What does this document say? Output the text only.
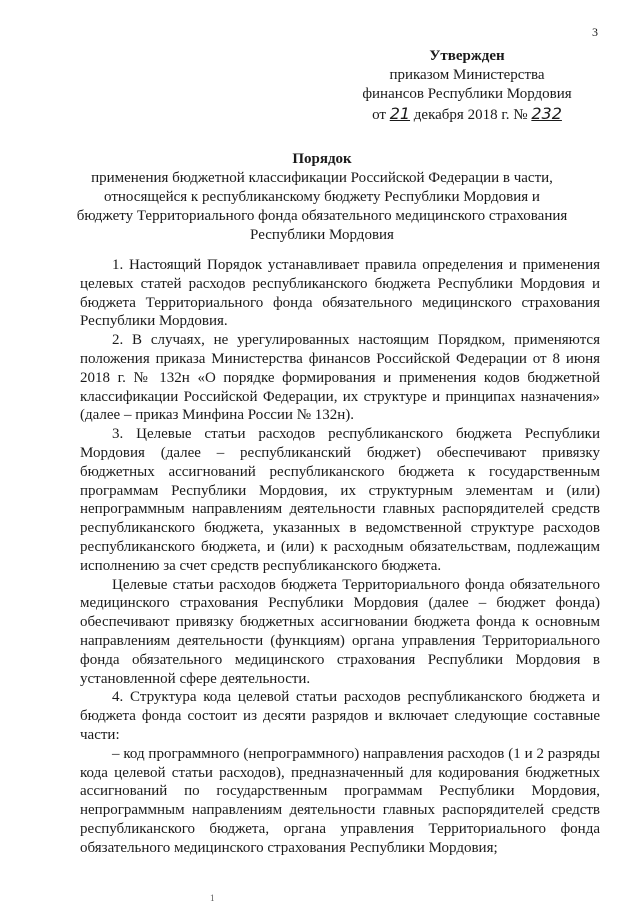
3
Утвержден
приказом Министерства
финансов Республики Мордовия
от 21 декабря 2018 г. № 232
Порядок
применения бюджетной классификации Российской Федерации в части,
относящейся к республиканскому бюджету Республики Мордовия и
бюджету Территориального фонда обязательного медицинского страхования
Республики Мордовия

1. Настоящий Порядок устанавливает правила определения и применения целевых статей расходов республиканского бюджета Республики Мордовия и бюджета Территориального фонда обязательного медицинского страхования Республики Мордовия.

2. В случаях, не урегулированных настоящим Порядком, применяются положения приказа Министерства финансов Российской Федерации от 8 июня 2018 г. № 132н «О порядке формирования и применения кодов бюджетной классификации Российской Федерации, их структуре и принципах назначения» (далее – приказ Минфина России № 132н).

3. Целевые статьи расходов республиканского бюджета Республики Мордовия (далее – республиканский бюджет) обеспечивают привязку бюджетных ассигнований республиканского бюджета к государственным программам Республики Мордовия, их структурным элементам и (или) непрограммным направлениям деятельности главных распорядителей средств республиканского бюджета, указанных в ведомственной структуре расходов республиканского бюджета, и (или) к расходным обязательствам, подлежащим исполнению за счет средств республиканского бюджета.

Целевые статьи расходов бюджета Территориального фонда обязательного медицинского страхования Республики Мордовия (далее – бюджет фонда) обеспечивают привязку бюджетных ассигновании бюджета фонда к основным направлениям деятельности (функциям) органа управления Территориального фонда обязательного медицинского страхования Республики Мордовия в установленной сфере деятельности.

4. Структура кода целевой статьи расходов республиканского бюджета и бюджета фонда состоит из десяти разрядов и включает следующие составные части:

– код программного (непрограммного) направления расходов (1 и 2 разряды кода целевой статьи расходов), предназначенный для кодирования бюджетных ассигнований по государственным программам Республики Мордовия, непрограммным направлениям деятельности главных распорядителей средств республиканского бюджета, органа управления Территориального фонда обязательного медицинского страхования Республики Мордовия;

1
